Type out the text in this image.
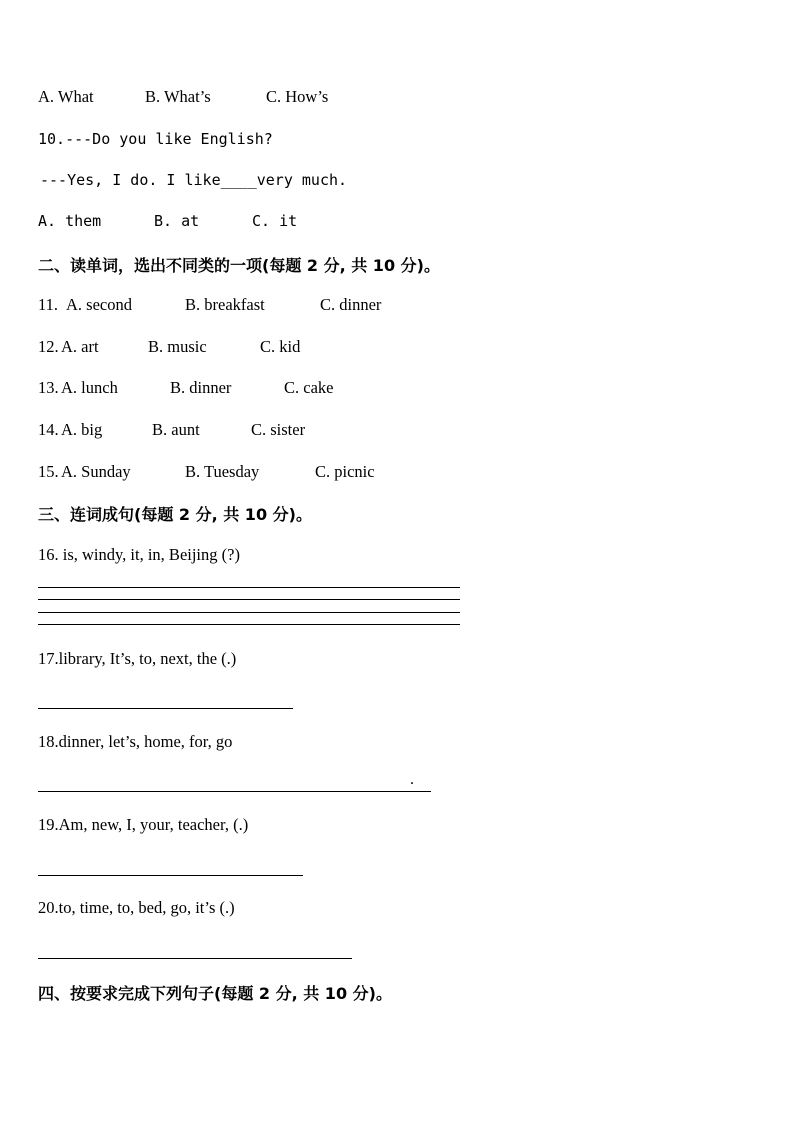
A. What	B. What’s	C. How’s
10.---Do you like English?
---Yes, I do. I like____very much.
A. them	B. at	C. it
二、读单词，选出不同类的一项(每题 2 分, 共 10 分)。
11. A. second	B. breakfast	C. dinner
12. A. art	B. music	C. kid
13. A. lunch	B. dinner	C. cake
14. A. big	B. aunt	C. sister
15. A. Sunday	B. Tuesday	C. picnic
三、连词成句(每题 2 分, 共 10 分)。
16. is, windy, it, in, Beijing (?)
17.library, It’s, to, next, the (.)
18.dinner, let’s, home, for, go
.
19.Am, new, I, your, teacher, (.)
20.to, time, to, bed, go, it’s (.)
四、按要求完成下列句子(每题 2 分, 共 10 分)。
